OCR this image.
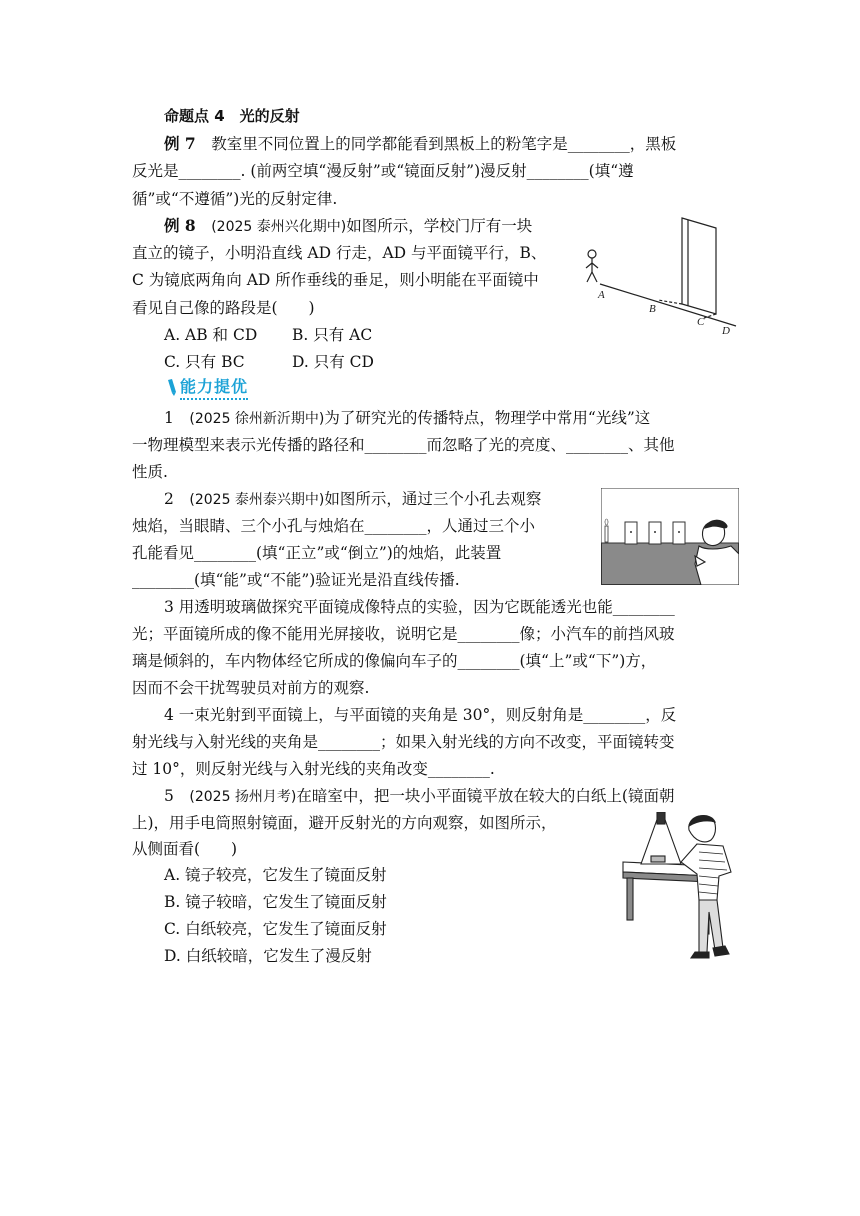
命题点 4　光的反射
例 7　教室里不同位置上的同学都能看到黑板上的粉笔字是________，黑板
反光是________. (前两空填“漫反射”或“镜面反射”)漫反射________(填“遵
循”或“不遵循”)光的反射定律.
例 8　 (2025 泰州兴化期中)如图所示，学校门厅有一块
直立的镜子，小明沿直线 AD 行走，AD 与平面镜平行，B、
C 为镜底两角向 AD 所作垂线的垂足，则小明能在平面镜中
看见自己像的路段是(　　)
A. AB 和 CD B. 只有 AC
C. 只有 BC	D. 只有 CD
A
B
C
D
能力提优
1　 (2025 徐州新沂期中)为了研究光的传播特点，物理学中常用“光线”这
一物理模型来表示光传播的路径和________而忽略了光的亮度、________、其他
性质.
2　 (2025 泰州泰兴期中)如图所示，通过三个小孔去观察
烛焰，当眼睛、三个小孔与烛焰在________，人通过三个小
孔能看见________(填“正立”或“倒立”)的烛焰，此装置
________(填“能”或“不能”)验证光是沿直线传播.
3 用透明玻璃做探究平面镜成像特点的实验，因为它既能透光也能________
光；平面镜所成的像不能用光屏接收，说明它是________像；小汽车的前挡风玻
璃是倾斜的，车内物体经它所成的像偏向车子的________(填“上”或“下”)方，
因而不会干扰驾驶员对前方的观察.
4 一束光射到平面镜上，与平面镜的夹角是 30°，则反射角是________，反
射光线与入射光线的夹角是________；如果入射光线的方向不改变，平面镜转变
过 10°，则反射光线与入射光线的夹角改变________.
5　 (2025 扬州月考)在暗室中，把一块小平面镜平放在较大的白纸上(镜面朝
上)，用手电筒照射镜面，避开反射光的方向观察，如图所示，
从侧面看(　　)
A. 镜子较亮，它发生了镜面反射
B. 镜子较暗，它发生了镜面反射
C. 白纸较亮，它发生了镜面反射
D. 白纸较暗，它发生了漫反射
